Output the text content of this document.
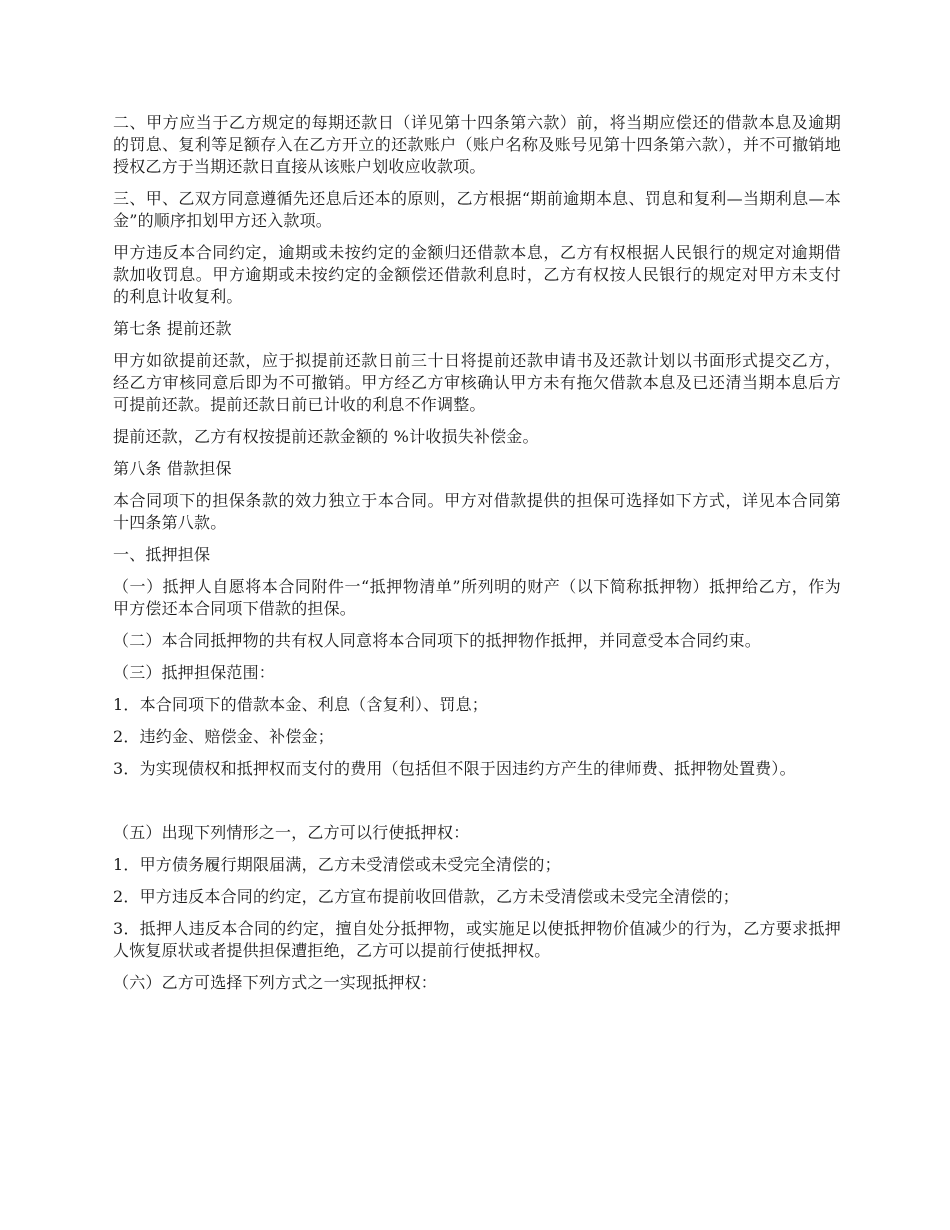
二、甲方应当于乙方规定的每期还款日（详见第十四条第六款）前，将当期应偿还的借款本息及逾期的罚息、复利等足额存入在乙方开立的还款账户（账户名称及账号见第十四条第六款），并不可撤销地授权乙方于当期还款日直接从该账户划收应收款项。

三、甲、乙双方同意遵循先还息后还本的原则，乙方根据“期前逾期本息、罚息和复利—当期利息—本金”的顺序扣划甲方还入款项。

甲方违反本合同约定，逾期或未按约定的金额归还借款本息，乙方有权根据人民银行的规定对逾期借款加收罚息。甲方逾期或未按约定的金额偿还借款利息时，乙方有权按人民银行的规定对甲方未支付的利息计收复利。

第七条 提前还款

甲方如欲提前还款，应于拟提前还款日前三十日将提前还款申请书及还款计划以书面形式提交乙方，经乙方审核同意后即为不可撤销。甲方经乙方审核确认甲方未有拖欠借款本息及已还清当期本息后方可提前还款。提前还款日前已计收的利息不作调整。

提前还款，乙方有权按提前还款金额的 %计收损失补偿金。

第八条 借款担保

本合同项下的担保条款的效力独立于本合同。甲方对借款提供的担保可选择如下方式，详见本合同第十四条第八款。

一、抵押担保

（一）抵押人自愿将本合同附件一“抵押物清单”所列明的财产（以下简称抵押物）抵押给乙方，作为甲方偿还本合同项下借款的担保。

（二）本合同抵押物的共有权人同意将本合同项下的抵押物作抵押，并同意受本合同约束。

（三）抵押担保范围：

1．本合同项下的借款本金、利息（含复利）、罚息；

2．违约金、赔偿金、补偿金；

3．为实现债权和抵押权而支付的费用（包括但不限于因违约方产生的律师费、抵押物处置费）。

（五）出现下列情形之一，乙方可以行使抵押权：

1．甲方债务履行期限届满，乙方未受清偿或未受完全清偿的；

2．甲方违反本合同的约定，乙方宣布提前收回借款，乙方未受清偿或未受完全清偿的；

3．抵押人违反本合同的约定，擅自处分抵押物，或实施足以使抵押物价值减少的行为，乙方要求抵押人恢复原状或者提供担保遭拒绝，乙方可以提前行使抵押权。

（六）乙方可选择下列方式之一实现抵押权：
